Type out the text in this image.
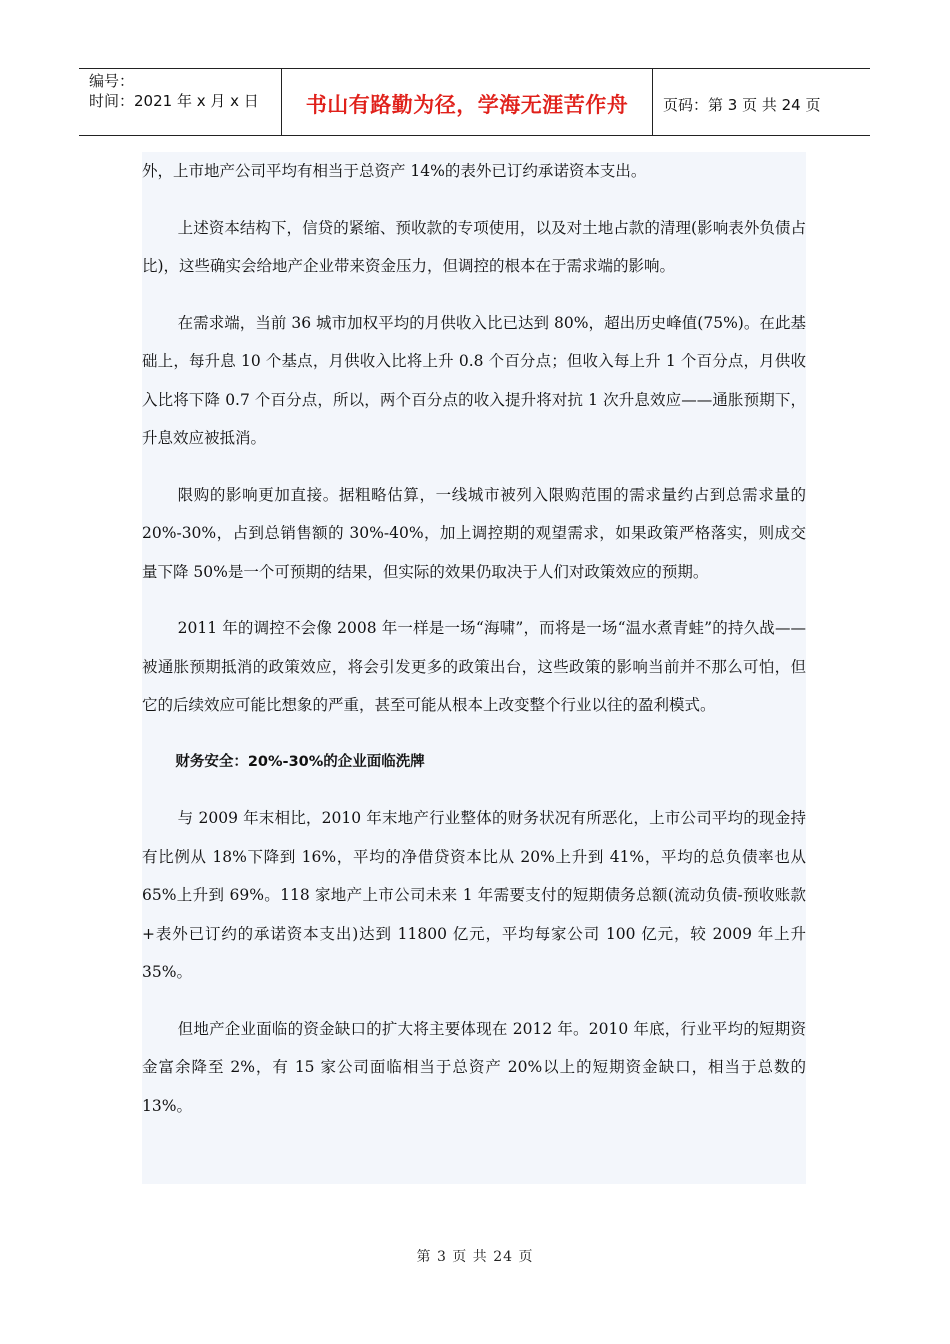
编号：
时间：2021 年 x 月 x 日	书山有路勤为径，学海无涯苦作舟	页码：第 3 页 共 24 页

外，上市地产公司平均有相当于总资产 14%的表外已订约承诺资本支出。

上述资本结构下，信贷的紧缩、预收款的专项使用，以及对土地占款的清理(影响表外负债占比)，这些确实会给地产企业带来资金压力，但调控的根本在于需求端的影响。

在需求端，当前 36 城市加权平均的月供收入比已达到 80%，超出历史峰值(75%)。在此基础上，每升息 10 个基点，月供收入比将上升 0.8 个百分点；但收入每上升 1 个百分点，月供收入比将下降 0.7 个百分点，所以，两个百分点的收入提升将对抗 1 次升息效应——通胀预期下，升息效应被抵消。

限购的影响更加直接。据粗略估算，一线城市被列入限购范围的需求量约占到总需求量的 20%-30%，占到总销售额的 30%-40%，加上调控期的观望需求，如果政策严格落实，则成交量下降 50%是一个可预期的结果，但实际的效果仍取决于人们对政策效应的预期。

2011 年的调控不会像 2008 年一样是一场“海啸”，而将是一场“温水煮青蛙”的持久战——被通胀预期抵消的政策效应，将会引发更多的政策出台，这些政策的影响当前并不那么可怕，但它的后续效应可能比想象的严重，甚至可能从根本上改变整个行业以往的盈利模式。

财务安全：20%-30%的企业面临洗牌

与 2009 年末相比，2010 年末地产行业整体的财务状况有所恶化，上市公司平均的现金持有比例从 18%下降到 16%，平均的净借贷资本比从 20%上升到 41%，平均的总负债率也从 65%上升到 69%。118 家地产上市公司未来 1 年需要支付的短期债务总额(流动负债-预收账款+表外已订约的承诺资本支出)达到 11800 亿元，平均每家公司 100 亿元，较 2009 年上升 35%。

但地产企业面临的资金缺口的扩大将主要体现在 2012 年。2010 年底，行业平均的短期资金富余降至 2%，有 15 家公司面临相当于总资产 20%以上的短期资金缺口，相当于总数的 13%。

第 3 页 共 24 页
